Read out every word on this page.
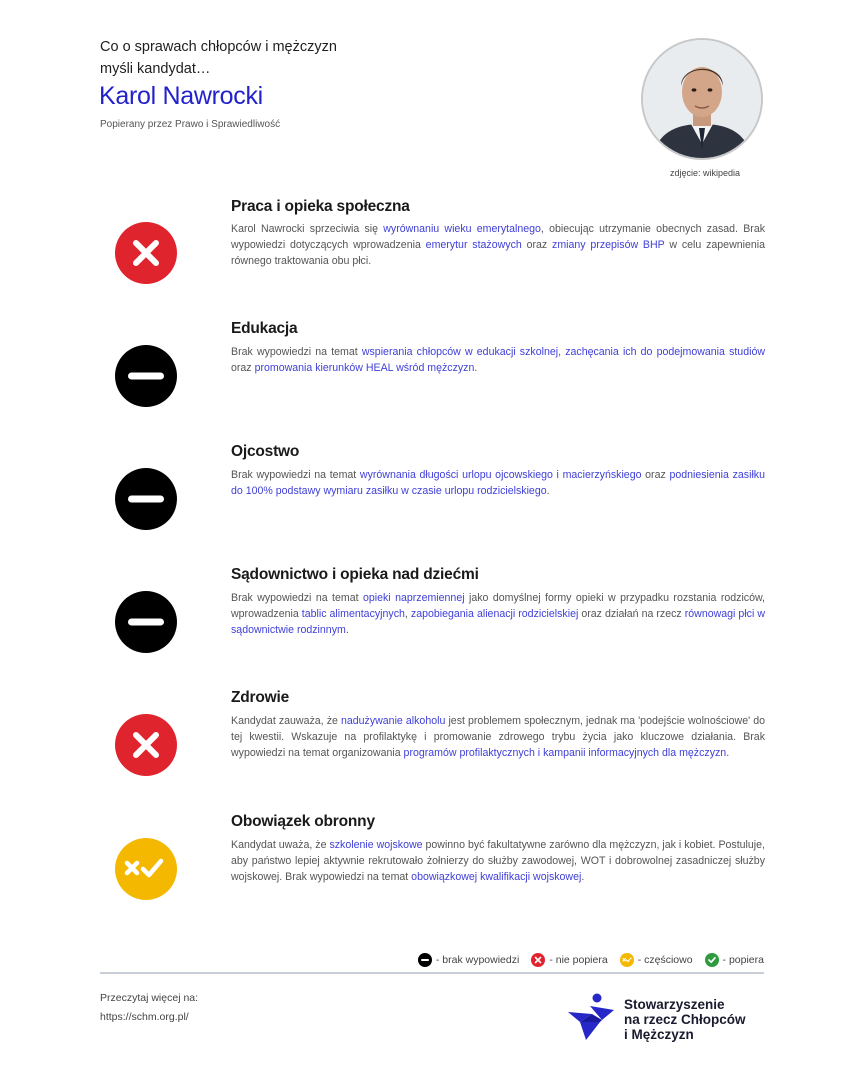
Co o sprawach chłopców i mężczyzn myśli kandydat…
Karol Nawrocki
Popierany przez Prawo i Sprawiedliwość
zdjęcie: wikipedia
Praca i opieka społeczna
Karol Nawrocki sprzeciwia się wyrównaniu wieku emerytalnego, obiecując utrzymanie obecnych zasad. Brak wypowiedzi dotyczących wprowadzenia emerytur stażowych oraz zmiany przepisów BHP w celu zapewnienia równego traktowania obu płci.
Edukacja
Brak wypowiedzi na temat wspierania chłopców w edukacji szkolnej, zachęcania ich do podejmowania studiów oraz promowania kierunków HEAL wśród mężczyzn.
Ojcostwo
Brak wypowiedzi na temat wyrównania długości urlopu ojcowskiego i macierzyńskiego oraz podniesienia zasiłku do 100% podstawy wymiaru zasiłku w czasie urlopu rodzicielskiego.
Sądownictwo i opieka nad dziećmi
Brak wypowiedzi na temat opieki naprzemiennej jako domyślnej formy opieki w przypadku rozstania rodziców, wprowadzenia tablic alimentacyjnych, zapobiegania alienacji rodzicielskiej oraz działań na rzecz równowagi płci w sądownictwie rodzinnym.
Zdrowie
Kandydat zauważa, że nadużywanie alkoholu jest problemem społecznym, jednak ma 'podejście wolnościowe' do tej kwestii. Wskazuje na profilaktykę i promowanie zdrowego trybu życia jako kluczowe działania. Brak wypowiedzi na temat organizowania programów profilaktycznych i kampanii informacyjnych dla mężczyzn.
Obowiązek obronny
Kandydat uważa, że szkolenie wojskowe powinno być fakultatywne zarówno dla mężczyzn, jak i kobiet. Postuluje, aby państwo lepiej aktywnie rekrutowało żołnierzy do służby zawodowej, WOT i dobrowolnej zasadniczej służby wojskowej. Brak wypowiedzi na temat obowiązkowej kwalifikacji wojskowej.
- brak wypowiedzi	- nie popiera	- częściowo	- popiera
Przeczytaj więcej na:
https://schm.org.pl/
Stowarzyszenie
na rzecz Chłopców
i Mężczyzn
